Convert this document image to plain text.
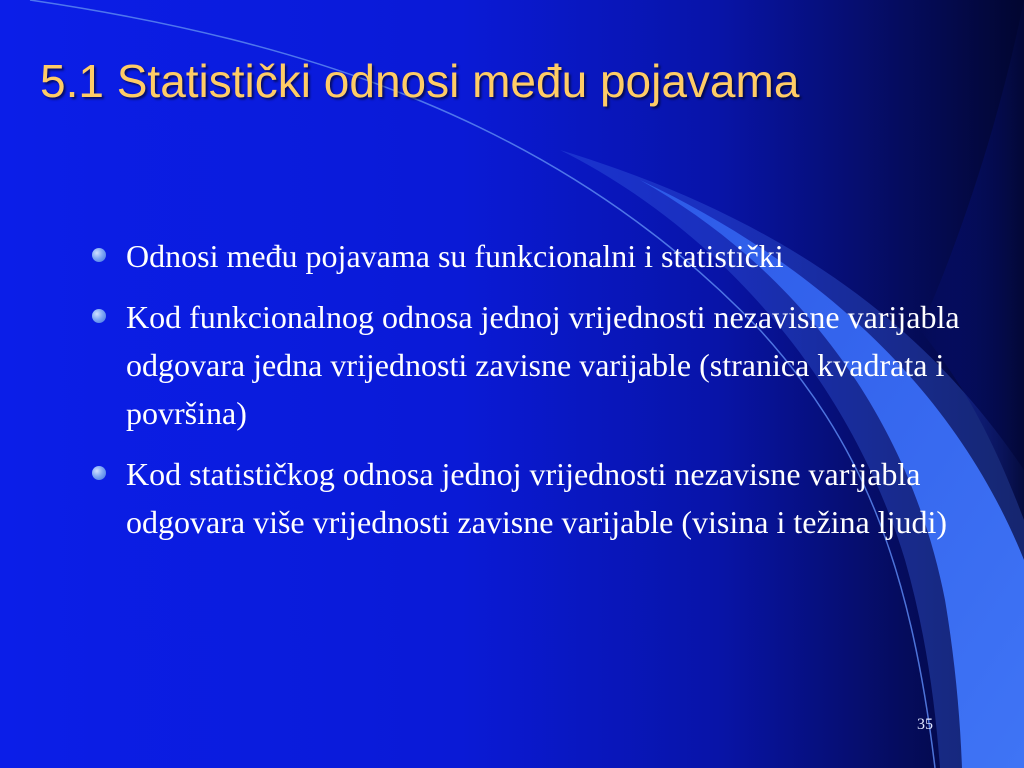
5.1 Statistički odnosi među pojavama
Odnosi među pojavama su funkcionalni i statistički
Kod funkcionalnog odnosa jednoj vrijednosti nezavisne varijabla odgovara jedna vrijednosti zavisne varijable (stranica kvadrata i površina)
Kod statističkog odnosa jednoj vrijednosti nezavisne varijabla odgovara više vrijednosti zavisne varijable (visina i težina ljudi)
35
